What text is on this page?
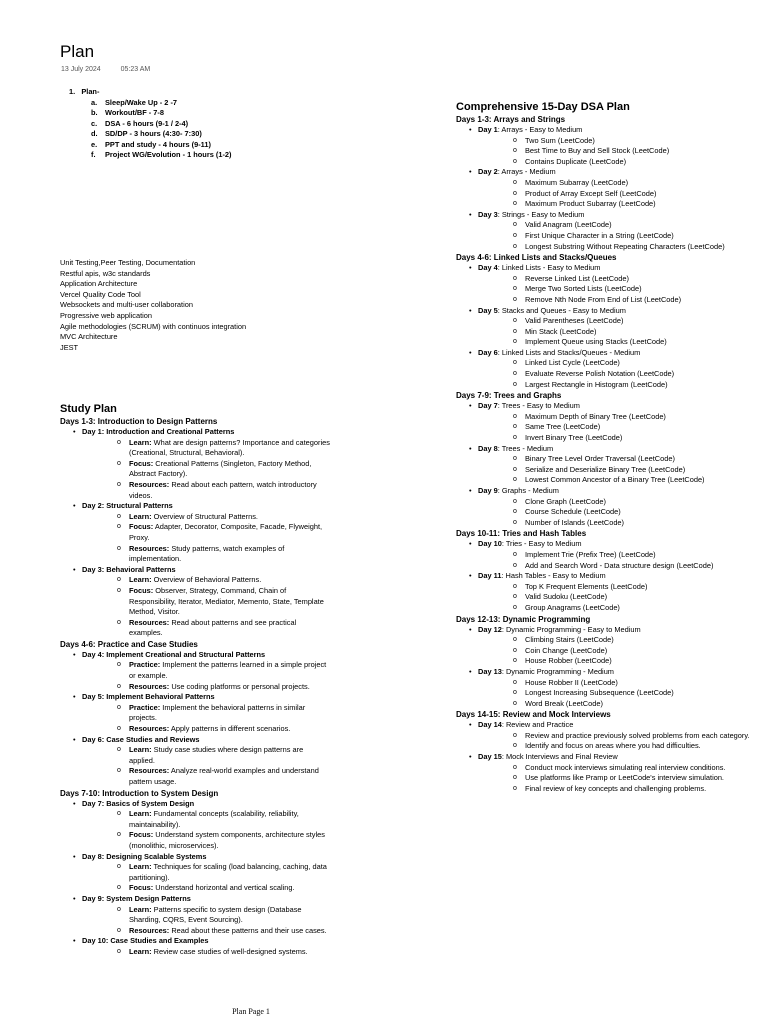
Plan
13 July 2024	05:23 AM
1. Plan-
a. Sleep/Wake Up - 2 -7
b. Workout/BF - 7-8
c. DSA - 6 hours (9-1 / 2-4)
d. SD/DP - 3 hours (4:30- 7:30)
e. PPT and study - 4 hours (9-11)
f. Project WG/Evolution - 1 hours (1-2)
Unit Testing,Peer Testing, Documentation
Restful apis, w3c standards
Application Architecture
Vercel Quality Code Tool
Websockets and multi-user collaboration
Progressive web application
Agile methodologies (SCRUM) with continuos integration
MVC Architecture
JEST
Study Plan
Days 1-3: Introduction to Design Patterns
• Day 1: Introduction and Creational Patterns
o Learn: What are design patterns? Importance and categories (Creational, Structural, Behavioral).
o Focus: Creational Patterns (Singleton, Factory Method, Abstract Factory).
o Resources: Read about each pattern, watch introductory videos.
• Day 2: Structural Patterns
o Learn: Overview of Structural Patterns.
o Focus: Adapter, Decorator, Composite, Facade, Flyweight, Proxy.
o Resources: Study patterns, watch examples of implementation.
• Day 3: Behavioral Patterns
o Learn: Overview of Behavioral Patterns.
o Focus: Observer, Strategy, Command, Chain of Responsibility, Iterator, Mediator, Memento, State, Template Method, Visitor.
o Resources: Read about patterns and see practical examples.
Days 4-6: Practice and Case Studies
• Day 4: Implement Creational and Structural Patterns
o Practice: Implement the patterns learned in a simple project or example.
o Resources: Use coding platforms or personal projects.
• Day 5: Implement Behavioral Patterns
o Practice: Implement the behavioral patterns in similar projects.
o Resources: Apply patterns in different scenarios.
• Day 6: Case Studies and Reviews
o Learn: Study case studies where design patterns are applied.
o Resources: Analyze real-world examples and understand pattern usage.
Days 7-10: Introduction to System Design
• Day 7: Basics of System Design
o Learn: Fundamental concepts (scalability, reliability, maintainability).
o Focus: Understand system components, architecture styles (monolithic, microservices).
• Day 8: Designing Scalable Systems
o Learn: Techniques for scaling (load balancing, caching, data partitioning).
o Focus: Understand horizontal and vertical scaling.
• Day 9: System Design Patterns
o Learn: Patterns specific to system design (Database Sharding, CQRS, Event Sourcing).
o Resources: Read about these patterns and their use cases.
• Day 10: Case Studies and Examples
o Learn: Review case studies of well-designed systems.
Comprehensive 15-Day DSA Plan
Days 1-3: Arrays and Strings
• Day 1: Arrays - Easy to Medium
o Two Sum (LeetCode)
o Best Time to Buy and Sell Stock (LeetCode)
o Contains Duplicate (LeetCode)
• Day 2: Arrays - Medium
o Maximum Subarray (LeetCode)
o Product of Array Except Self (LeetCode)
o Maximum Product Subarray (LeetCode)
• Day 3: Strings - Easy to Medium
o Valid Anagram (LeetCode)
o First Unique Character in a String (LeetCode)
o Longest Substring Without Repeating Characters (LeetCode)
Days 4-6: Linked Lists and Stacks/Queues
• Day 4: Linked Lists - Easy to Medium
o Reverse Linked List (LeetCode)
o Merge Two Sorted Lists (LeetCode)
o Remove Nth Node From End of List (LeetCode)
• Day 5: Stacks and Queues - Easy to Medium
o Valid Parentheses (LeetCode)
o Min Stack (LeetCode)
o Implement Queue using Stacks (LeetCode)
• Day 6: Linked Lists and Stacks/Queues - Medium
o Linked List Cycle (LeetCode)
o Evaluate Reverse Polish Notation (LeetCode)
o Largest Rectangle in Histogram (LeetCode)
Days 7-9: Trees and Graphs
• Day 7: Trees - Easy to Medium
o Maximum Depth of Binary Tree (LeetCode)
o Same Tree (LeetCode)
o Invert Binary Tree (LeetCode)
• Day 8: Trees - Medium
o Binary Tree Level Order Traversal (LeetCode)
o Serialize and Deserialize Binary Tree (LeetCode)
o Lowest Common Ancestor of a Binary Tree (LeetCode)
• Day 9: Graphs - Medium
o Clone Graph (LeetCode)
o Course Schedule (LeetCode)
o Number of Islands (LeetCode)
Days 10-11: Tries and Hash Tables
• Day 10: Tries - Easy to Medium
o Implement Trie (Prefix Tree) (LeetCode)
o Add and Search Word - Data structure design (LeetCode)
• Day 11: Hash Tables - Easy to Medium
o Top K Frequent Elements (LeetCode)
o Valid Sudoku (LeetCode)
o Group Anagrams (LeetCode)
Days 12-13: Dynamic Programming
• Day 12: Dynamic Programming - Easy to Medium
o Climbing Stairs (LeetCode)
o Coin Change (LeetCode)
o House Robber (LeetCode)
• Day 13: Dynamic Programming - Medium
o House Robber II (LeetCode)
o Longest Increasing Subsequence (LeetCode)
o Word Break (LeetCode)
Days 14-15: Review and Mock Interviews
• Day 14: Review and Practice
o Review and practice previously solved problems from each category.
o Identify and focus on areas where you had difficulties.
• Day 15: Mock Interviews and Final Review
o Conduct mock interviews simulating real interview conditions.
o Use platforms like Pramp or LeetCode's interview simulation.
o Final review of key concepts and challenging problems.
Plan Page 1
